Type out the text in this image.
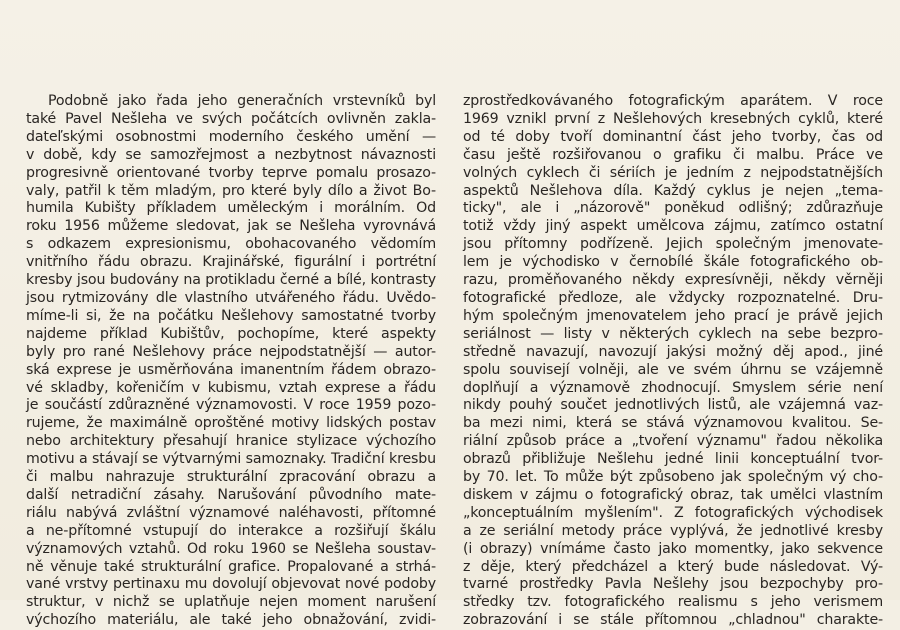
Podobně jako řada jeho generačních vrstevníků byl
také Pavel Nešleha ve svých počátcích ovlivněn zakla-
dateľskými osobnostmi moderního českého umění —
v době, kdy se samozřejmost a nezbytnost návaznosti
progresivně orientované tvorby teprve pomalu prosazo-
valy, patřil k těm mladým, pro které byly dílo a život Bo-
humila Kubišty příkladem uměleckým i morálním. Od
roku 1956 můžeme sledovat, jak se Nešleha vyrovnává
s odkazem expresionismu, obohacovaného vědomím
vnitřního řádu obrazu. Krajinářské, figurální i portrétní
kresby jsou budovány na protikladu černé a bílé, kontrasty
jsou rytmizovány dle vlastního utvářeného řádu. Uvědo-
míme-li si, že na počátku Nešlehovy samostatné tvorby
najdeme příklad Kubištův, pochopíme, které aspekty
byly pro rané Nešlehovy práce nejpodstatnější — autor-
ská exprese je usměrňována imanentním řádem obrazo-
vé skladby, kořeničím v kubismu, vztah exprese a řádu
je součástí zdůrazněné významovosti. V roce 1959 pozo-
rujeme, že maximálně oproštěné motivy lidských postav
nebo architektury přesahují hranice stylizace výchozího
motivu a stávají se výtvarnými samoznaky. Tradiční kresbu
či malbu nahrazuje strukturální zpracování obrazu a
další netradiční zásahy. Narušování původního mate-
riálu nabývá zvláštní významové naléhavosti, přítomné
a ne-přítomné vstupují do interakce a rozšiřují škálu
významových vztahů. Od roku 1960 se Nešleha soustav-
ně věnuje také strukturální grafice. Propalované a strhá-
vané vrstvy pertinaxu mu dovolují objevovat nové podoby
struktur, v nichž se uplatňuje nejen moment narušení
výchozího materiálu, ale také jeho obnažování, zvidi-
zprostředkovávaného fotografickým aparátem. V roce
1969 vznikl první z Nešlehových kresebných cyklů, které
od té doby tvoří dominantní část jeho tvorby, čas od
času ještě rozšiřovanou o grafiku či malbu. Práce ve
volných cyklech či sériích je jedním z nejpodstatnějších
aspektů Nešlehova díla. Každý cyklus je nejen „tema-
ticky", ale i „názorově" poněkud odlišný; zdůrazňuje
totiž vždy jiný aspekt umělcova zájmu, zatímco ostatní
jsou přítomny podřízeně. Jejich společným jmenovate-
lem je východisko v černobílé škále fotografického ob-
razu, proměňovaného někdy expresívněji, někdy věrněji
fotografické předloze, ale vždycky rozpoznatelné. Dru-
hým společným jmenovatelem jeho prací je právě jejich
seriálnost — listy v některých cyklech na sebe bezpro-
středně navazují, navozují jakýsi možný děj apod., jiné
spolu souvisejí volněji, ale ve svém úhrnu se vzájemně
doplňují a významově zhodnocují. Smyslem série není
nikdy pouhý součet jednotlivých listů, ale vzájemná vaz-
ba mezi nimi, která se stává významovou kvalitou. Se-
riální způsob práce a „tvoření významu" řadou několika
obrazů přibližuje Nešlehu jedné linii konceptuální tvor-
by 70. let. To může být způsobeno jak společným vý cho-
diskem v zájmu o fotografický obraz, tak umělci vlastním
„konceptuálním myšlením". Z fotografických východisek
a ze seriální metody práce vyplývá, že jednotlivé kresby
(i obrazy) vnímáme často jako momentky, jako sekvence
z děje, který předcházel a který bude následovat. Vý-
tvarné prostředky Pavla Nešlehy jsou bezpochyby pro-
středky tzv. fotografického realismu s jeho verismem
zobrazování i se stále přítomnou „chladnou" charakte-
